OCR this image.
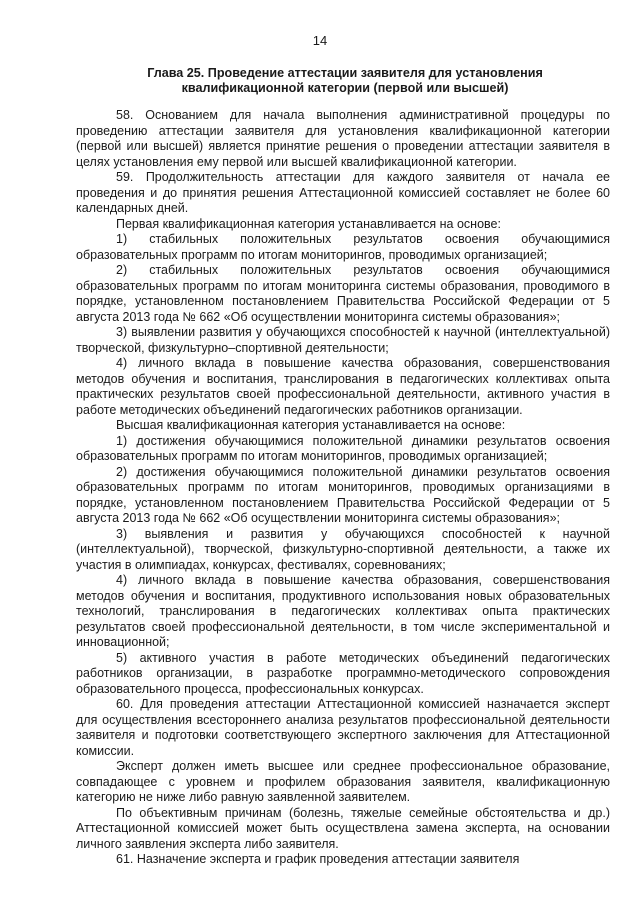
14
Глава 25. Проведение аттестации заявителя для установления
квалификационной категории (первой или высшей)

58. Основанием для начала выполнения административной процедуры по проведению аттестации заявителя для установления квалификационной категории (первой или высшей) является принятие решения о проведении аттестации заявителя в целях установления ему первой или высшей квалификационной категории.

59. Продолжительность аттестации для каждого заявителя от начала ее проведения и до принятия решения Аттестационной комиссией составляет не более 60 календарных дней.

Первая квалификационная категория устанавливается на основе:

1) стабильных положительных результатов освоения обучающимися образовательных программ по итогам мониторингов, проводимых организацией;

2) стабильных положительных результатов освоения обучающимися образовательных программ по итогам мониторинга системы образования, проводимого в порядке, установленном постановлением Правительства Российской Федерации от 5 августа 2013 года № 662 «Об осуществлении мониторинга системы образования»;

3) выявлении развития у обучающихся способностей к научной (интеллектуальной) творческой, физкультурно–спортивной деятельности;

4) личного вклада в повышение качества образования, совершенствования методов обучения и воспитания, транслирования в педагогических коллективах опыта практических результатов своей профессиональной деятельности, активного участия в работе методических объединений педагогических работников организации.

Высшая квалификационная категория устанавливается на основе:

1) достижения обучающимися положительной динамики результатов освоения образовательных программ по итогам мониторингов, проводимых организацией;

2) достижения обучающимися положительной динамики результатов освоения образовательных программ по итогам мониторингов, проводимых организациями в порядке, установленном постановлением Правительства Российской Федерации от 5 августа 2013 года № 662 «Об осуществлении мониторинга системы образования»;

3) выявления и развития у обучающихся способностей к научной (интеллектуальной), творческой, физкультурно-спортивной деятельности, а также их участия в олимпиадах, конкурсах, фестивалях, соревнованиях;

4) личного вклада в повышение качества образования, совершенствования методов обучения и воспитания, продуктивного использования новых образовательных технологий, транслирования в педагогических коллективах опыта практических результатов своей профессиональной деятельности, в том числе экспериментальной и инновационной;

5) активного участия в работе методических объединений педагогических работников организации, в разработке программно-методического сопровождения образовательного процесса, профессиональных конкурсах.

60. Для проведения аттестации Аттестационной комиссией назначается эксперт для осуществления всестороннего анализа результатов профессиональной деятельности заявителя и подготовки соответствующего экспертного заключения для Аттестационной комиссии.

Эксперт должен иметь высшее или среднее профессиональное образование, совпадающее с уровнем и профилем образования заявителя, квалификационную категорию не ниже либо равную заявленной заявителем.

По объективным причинам (болезнь, тяжелые семейные обстоятельства и др.) Аттестационной комиссией может быть осуществлена замена эксперта, на основании личного заявления эксперта либо заявителя.

61. Назначение эксперта и график проведения аттестации заявителя
